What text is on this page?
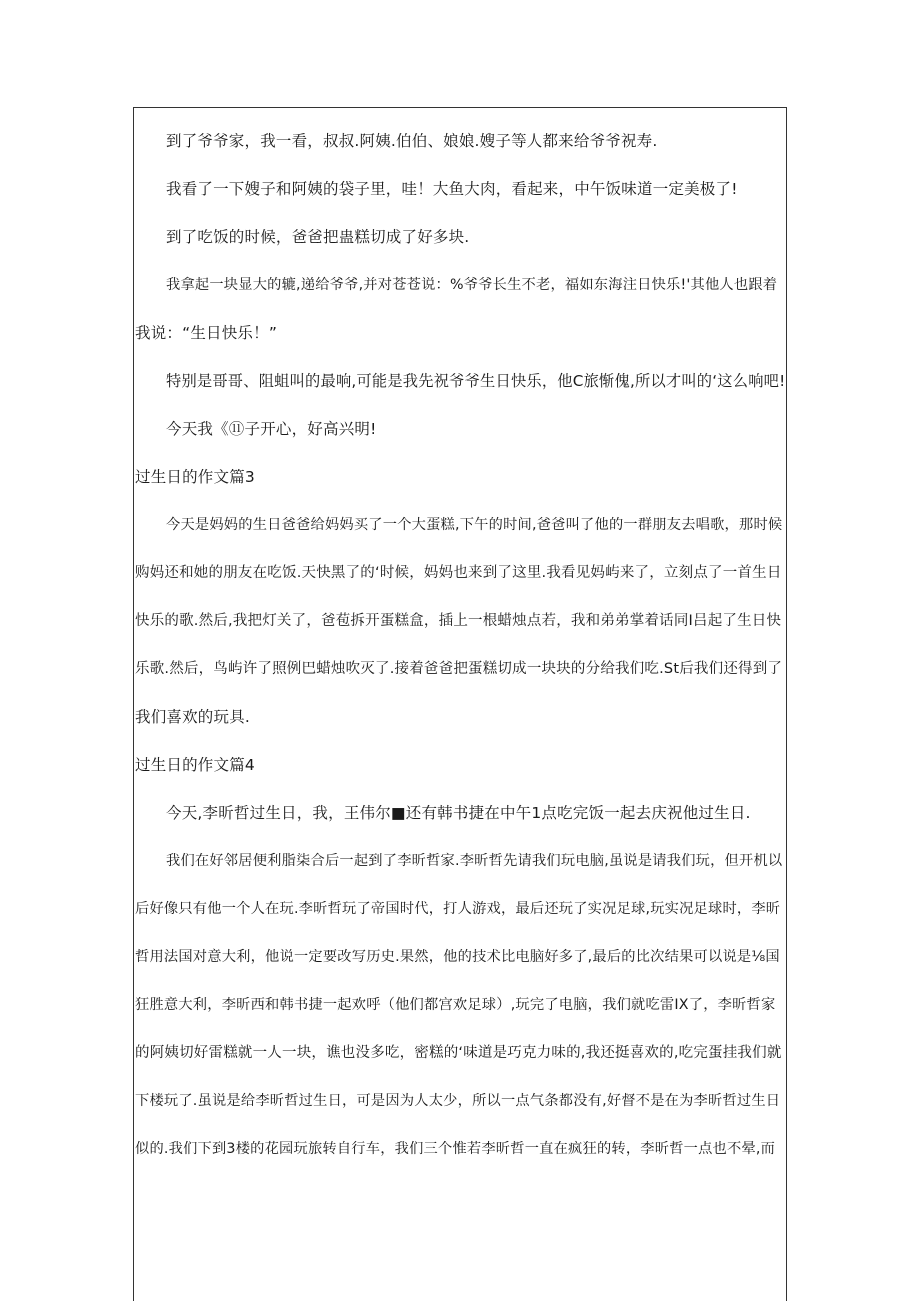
到了爷爷家，我一看，叔叔.阿姨.伯伯、娘娘.嫂子等人都来给爷爷祝寿.
我看了一下嫂子和阿姨的袋子里，哇！大鱼大肉，看起来，中午饭味道一定美极了!
到了吃饭的时候，爸爸把蛊糕切成了好多块.
我拿起一块显大的辘,递给爷爷,并对苍苍说：%爷爷长生不老，福如东海注日快乐!'其他人也跟着
我说：“生日快乐！”
特别是哥哥、阻蛆叫的最响,可能是我先祝爷爷生日快乐，他C旅惭傀,所以才叫的‘这么响吧!
今天我《⑪子开心，好高兴明!
过生日的作文篇3
今天是妈妈的生日爸爸给妈妈买了一个大蛋糕,下午的时间,爸爸叫了他的一群朋友去唱歌，那时候
购妈还和她的朋友在吃饭.天快黑了的‘时候，妈妈也来到了这里.我看见妈屿来了，立刻点了一首生日
快乐的歌.然后,我把灯关了，爸苞拆开蛋糕盒，插上一根蜡烛点若，我和弟弟掌着话同I吕起了生日快
乐歌.然后，鸟屿许了照例巴蜡烛吹灭了.接着爸爸把蛋糕切成一块块的分给我们吃.St后我们还得到了
我们喜欢的玩具.
过生日的作文篇4
今天,李昕哲过生日，我，王伟尔■还有韩书捷在中午1点吃完饭一起去庆祝他过生日.
我们在好邻居便利脂柒合后一起到了李昕哲家.李昕哲先请我们玩电脑,虽说是请我们玩，但开机以
后好像只有他一个人在玩.李昕哲玩了帝国时代，打人游戏，最后还玩了实况足球,玩实况足球时，李昕
哲用法国对意大利，他说一定要改写历史.果然，他的技术比电脑好多了,最后的比次结果可以说是⅛国
狂胜意大利，李昕西和韩书捷一起欢呼（他们都宫欢足球）,玩完了电脑，我们就吃雷IX了，李昕哲家
的阿姨切好雷糕就一人一块，谯也没多吃，密糕的‘味道是巧克力味的,我还挺喜欢的,吃完蛋挂我们就
下楼玩了.虽说是给李昕哲过生日，可是因为人太少，所以一点气条都没有,好督不是在为李昕哲过生日
似的.我们下到3楼的花园玩旅转自行车，我们三个惟若李昕哲一直在疯狂的转，李昕哲一点也不晕,而
